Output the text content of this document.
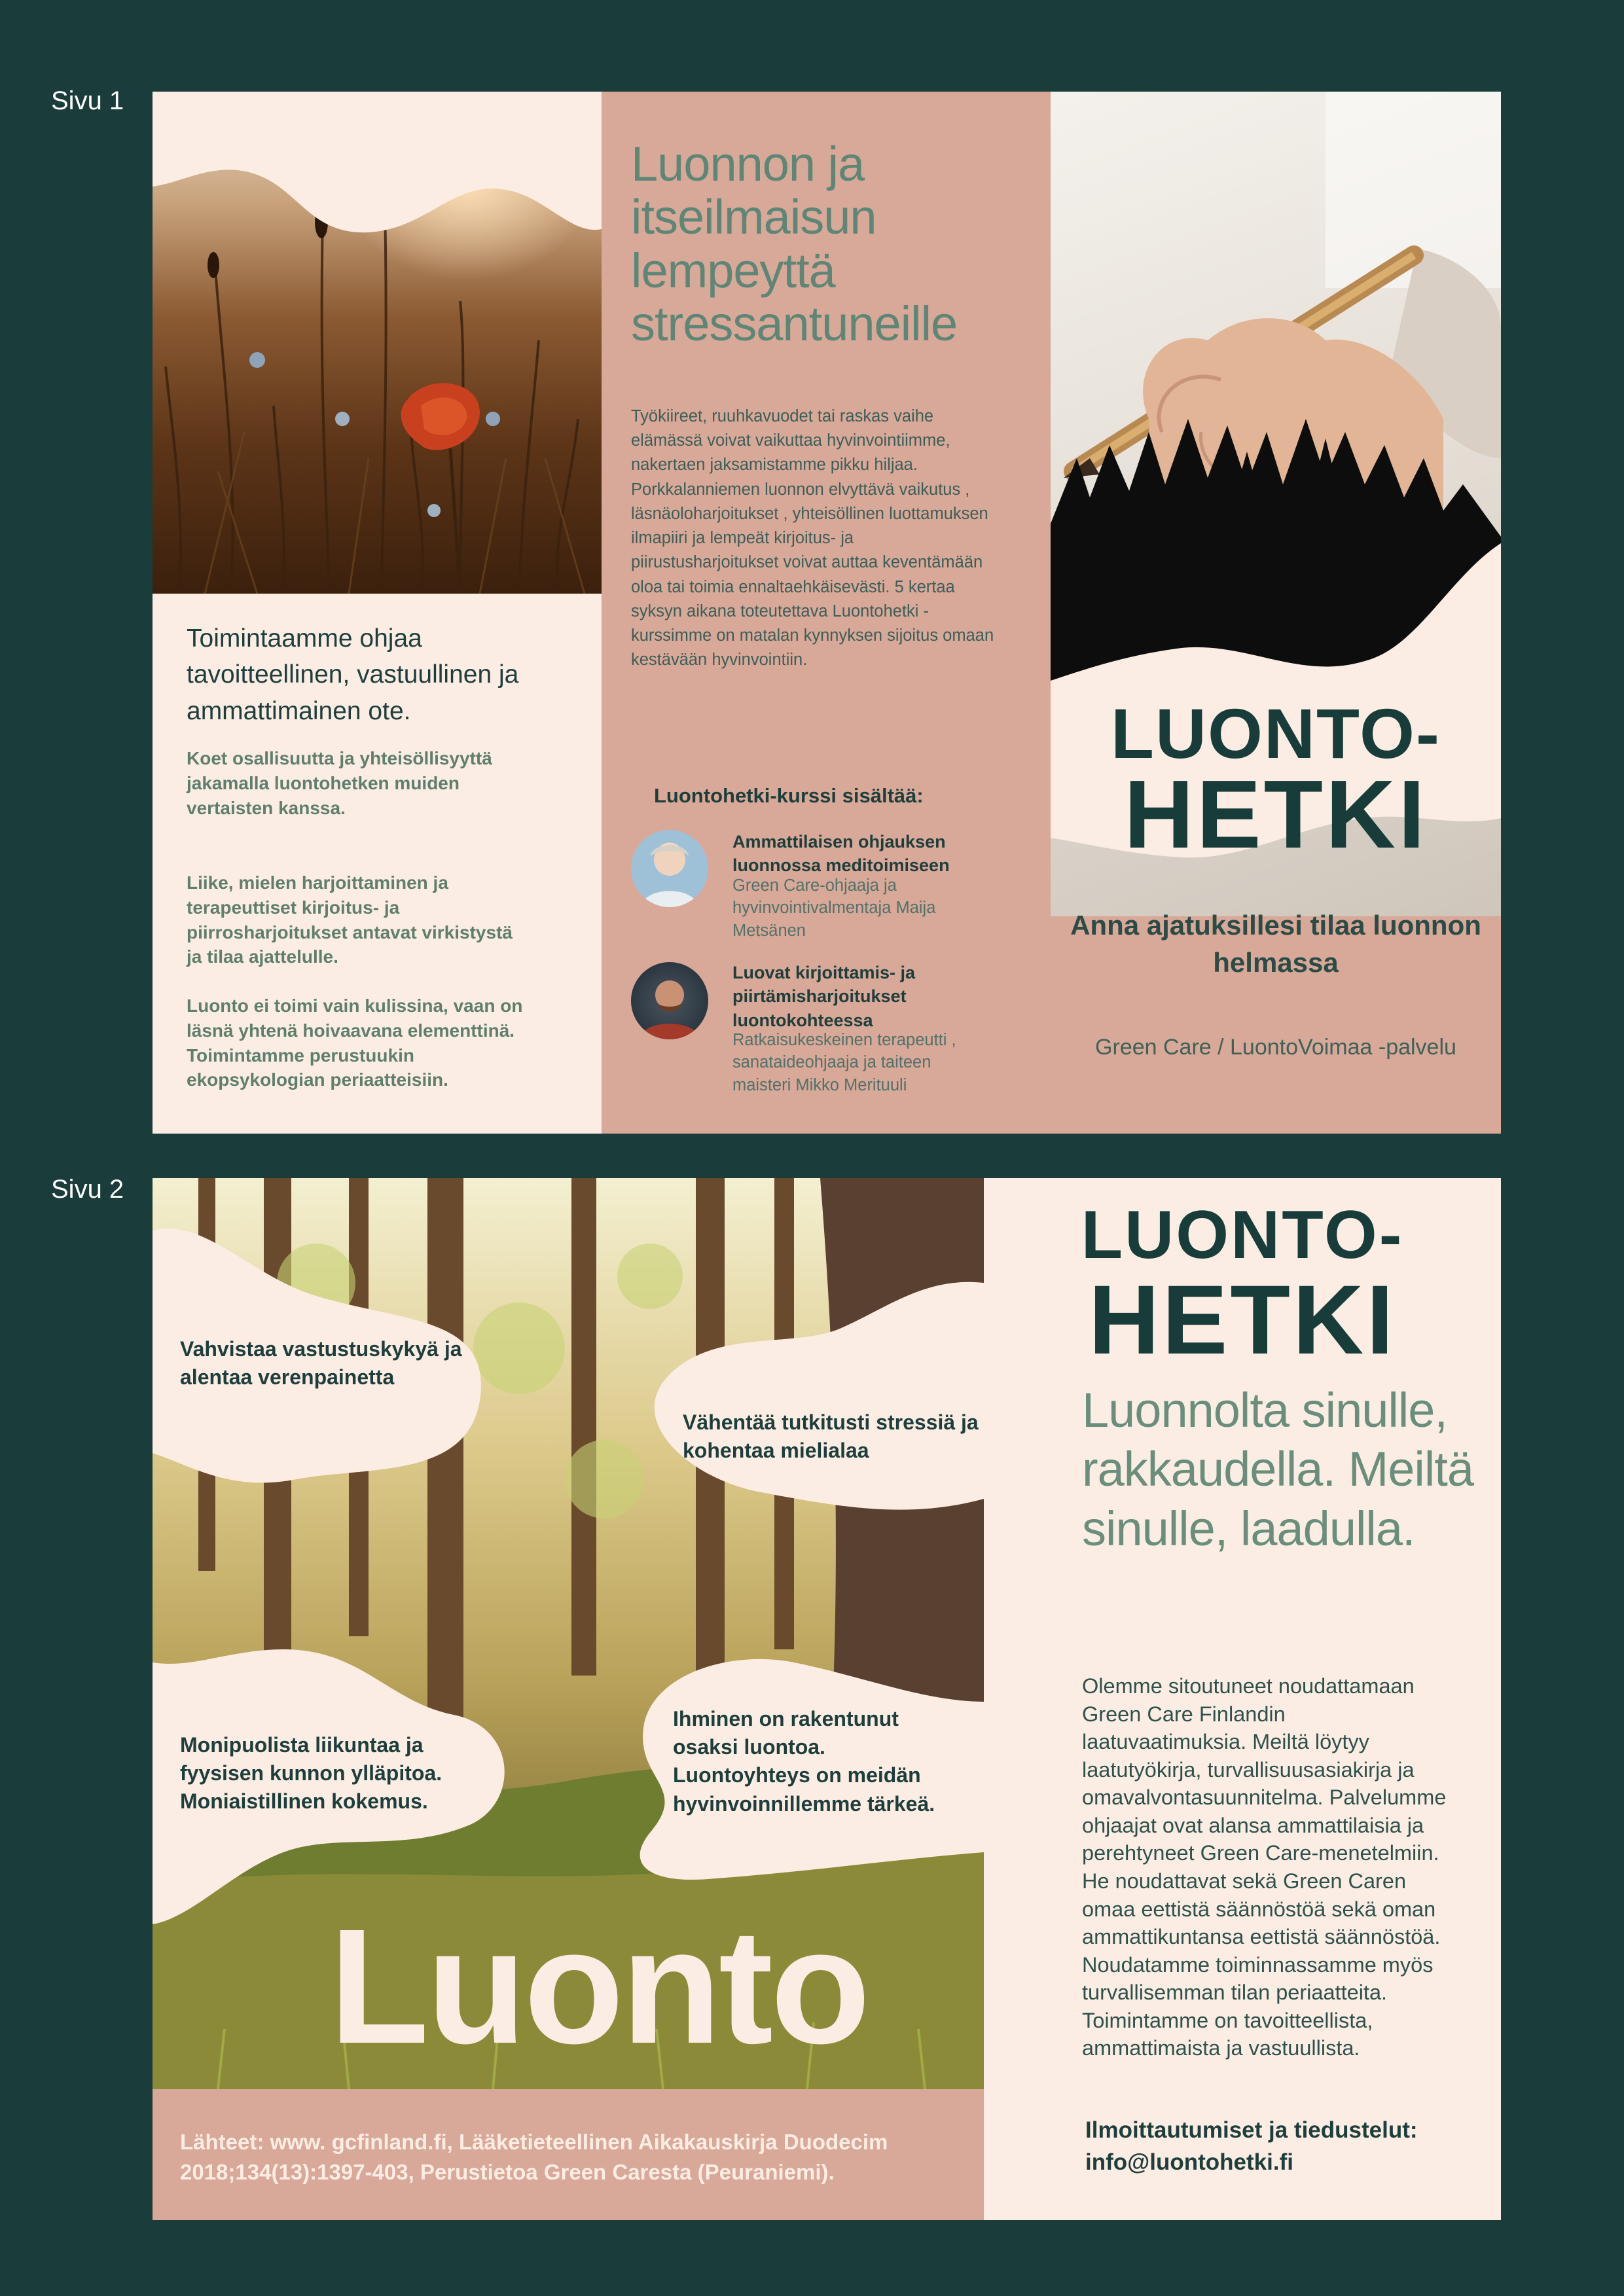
Sivu 1
Sivu 2
Toimintaamme ohjaa tavoitteellinen, vastuullinen ja ammattimainen ote.
Koet osallisuutta ja yhteisöllisyyttä jakamalla luontohetken muiden vertaisten kanssa.
Liike, mielen harjoittaminen ja terapeuttiset kirjoitus- ja piirrosharjoitukset antavat virkistystä ja tilaa ajattelulle.
Luonto ei toimi vain kulissina, vaan on läsnä yhtenä hoivaavana elementtinä. Toimintamme perustuukin ekopsykologian periaatteisiin.
Luonnon ja itseilmaisun lempeyttä stressantuneille
Työkiireet, ruuhkavuodet tai raskas vaihe elämässä voivat vaikuttaa hyvinvointiimme, nakertaen jaksamistamme pikku hiljaa. Porkkalanniemen luonnon elvyttävä vaikutus , läsnäoloharjoitukset , yhteisöllinen luottamuksen ilmapiiri ja lempeät kirjoitus- ja piirustusharjoitukset voivat auttaa keventämään oloa tai toimia ennaltaehkäisevästi. 5 kertaa syksyn aikana toteutettava Luontohetki -kurssimme on matalan kynnyksen sijoitus omaan kestävään hyvinvointiin.
Luontohetki-kurssi sisältää:
Ammattilaisen ohjauksen luonnossa meditoimiseen
Green Care-ohjaaja ja hyvinvointivalmentaja Maija Metsänen
Luovat kirjoittamis- ja piirtämisharjoitukset luontokohteessa
Ratkaisukeskeinen terapeutti , sanataideohjaaja ja taiteen maisteri Mikko Merituuli
LUONTO-
HETKI
Anna ajatuksillesi tilaa luonnon helmassa
Green Care / LuontoVoimaa -palvelu
Vahvistaa vastustuskykyä ja alentaa verenpainetta
Vähentää tutkitusti stressiä ja kohentaa mielialaa
Monipuolista liikuntaa ja fyysisen kunnon ylläpitoa. Moniaistillinen kokemus.
Ihminen on rakentunut osaksi luontoa. Luontoyhteys on meidän hyvinvoinnillemme tärkeä.
Luonto
Lähteet: www. gcfinland.fi, Lääketieteellinen Aikakauskirja Duodecim 2018;134(13):1397-403, Perustietoa Green Caresta (Peuraniemi).
LUONTO-
HETKI
Luonnolta sinulle, rakkaudella. Meiltä sinulle, laadulla.
Olemme sitoutuneet noudattamaan Green Care Finlandin laatuvaatimuksia. Meiltä löytyy laatutyökirja, turvallisuusasiakirja ja omavalvontasuunnitelma. Palvelumme ohjaajat ovat alansa ammattilaisia ja perehtyneet Green Care-menetelmiin. He noudattavat sekä Green Caren omaa eettistä säännöstöä sekä oman ammattikuntansa eettistä säännöstöä. Noudatamme toiminnassamme myös turvallisemman tilan periaatteita. Toimintamme on tavoitteellista, ammattimaista ja vastuullista.
Ilmoittautumiset ja tiedustelut:
info@luontohetki.fi
